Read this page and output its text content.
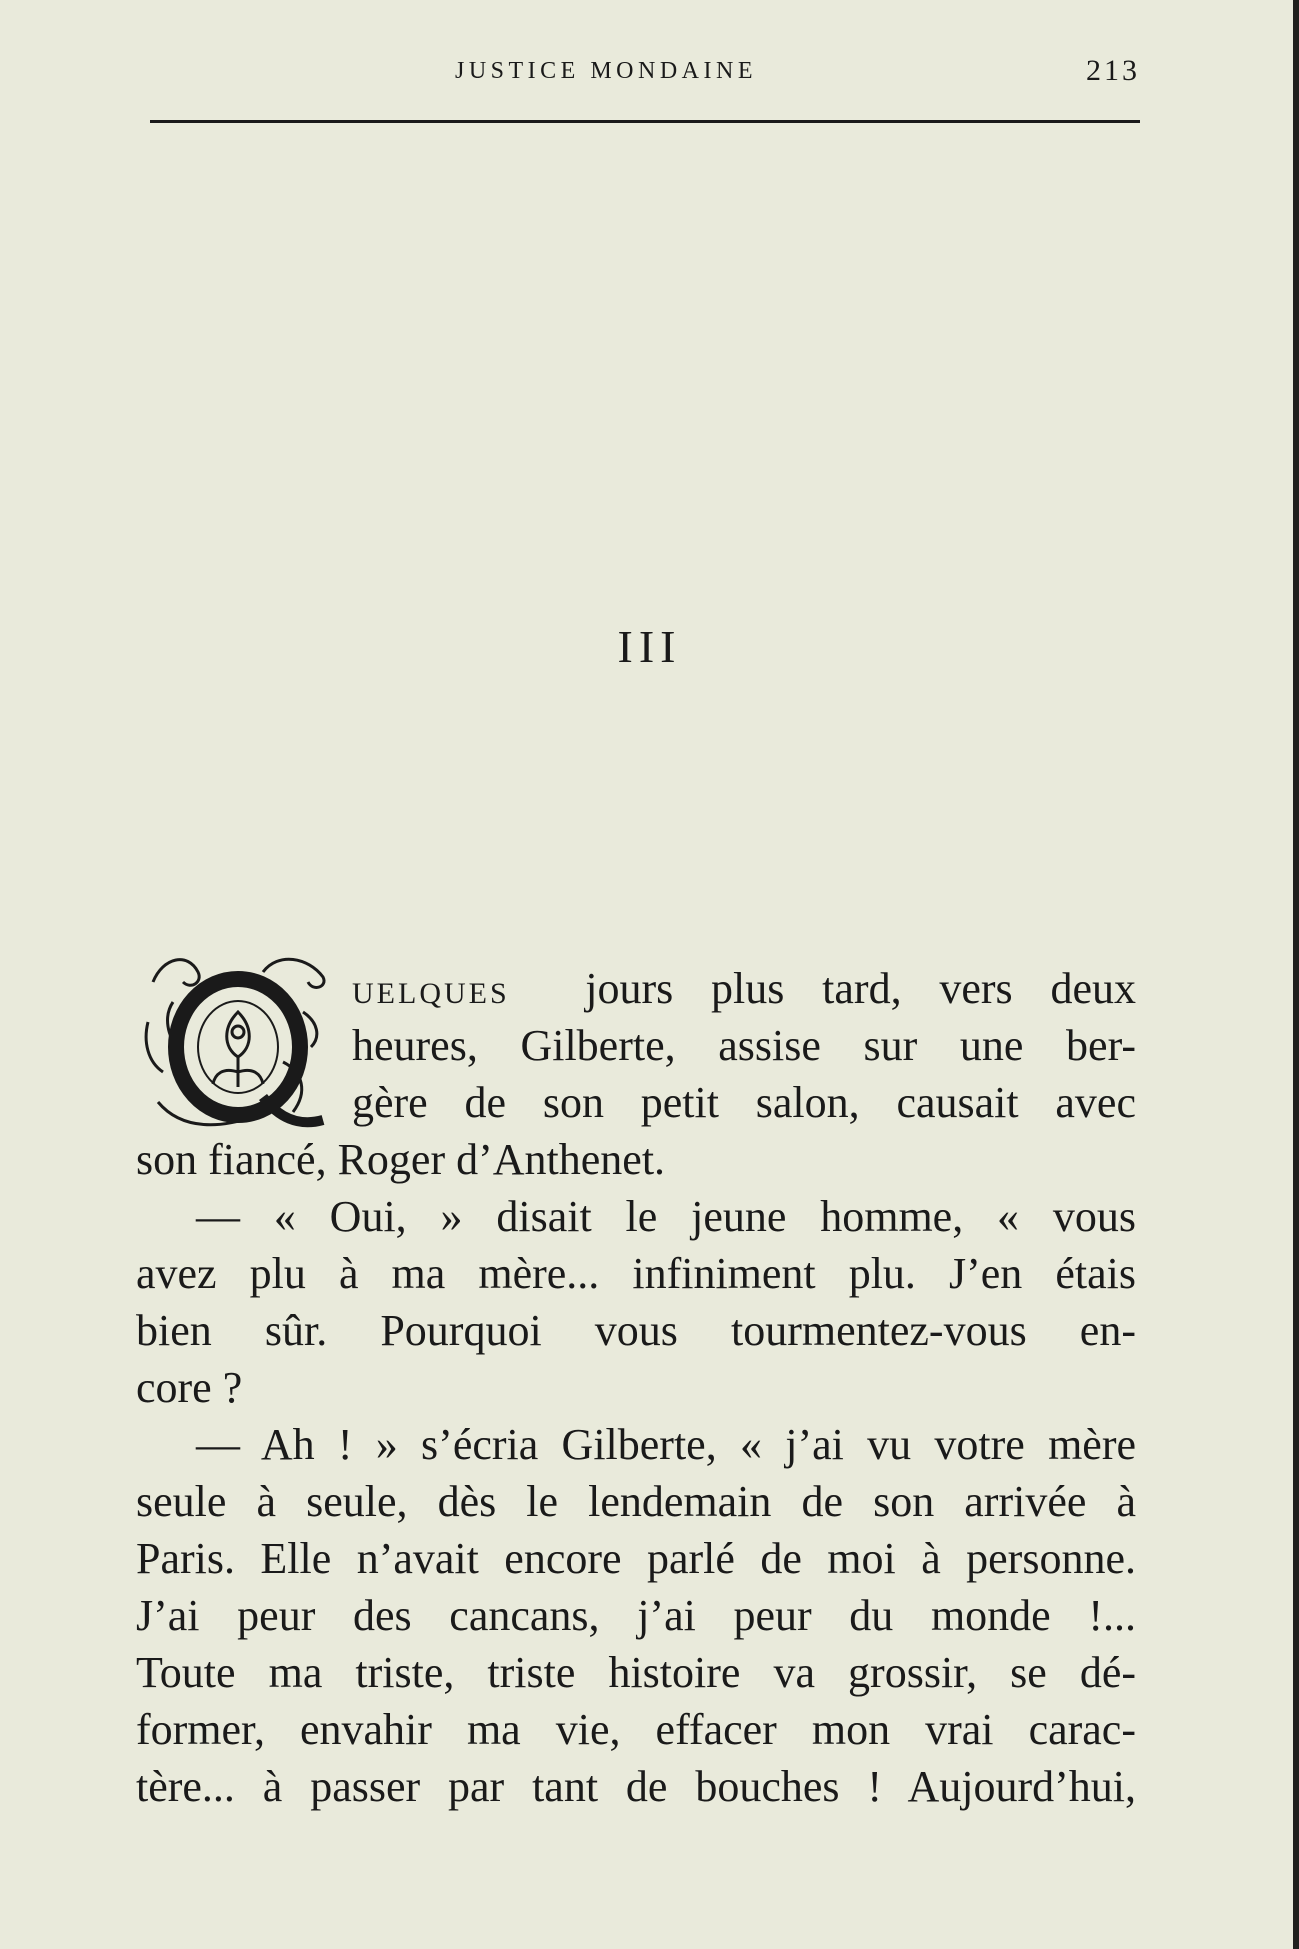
JUSTICE MONDAINE	213
III
UELQUES jours plus tard, vers deux
heures, Gilberte, assise sur une ber-
gère de son petit salon, causait avec
son fiancé, Roger d’Anthenet.
— « Oui, » disait le jeune homme, « vous
avez plu à ma mère... infiniment plu. J’en étais
bien sûr. Pourquoi vous tourmentez-vous en-
core ?
— Ah ! » s’écria Gilberte, « j’ai vu votre mère
seule à seule, dès le lendemain de son arrivée à
Paris. Elle n’avait encore parlé de moi à personne.
J’ai peur des cancans, j’ai peur du monde !...
Toute ma triste, triste histoire va grossir, se dé-
former, envahir ma vie, effacer mon vrai carac-
tère... à passer par tant de bouches ! Aujourd’hui,
